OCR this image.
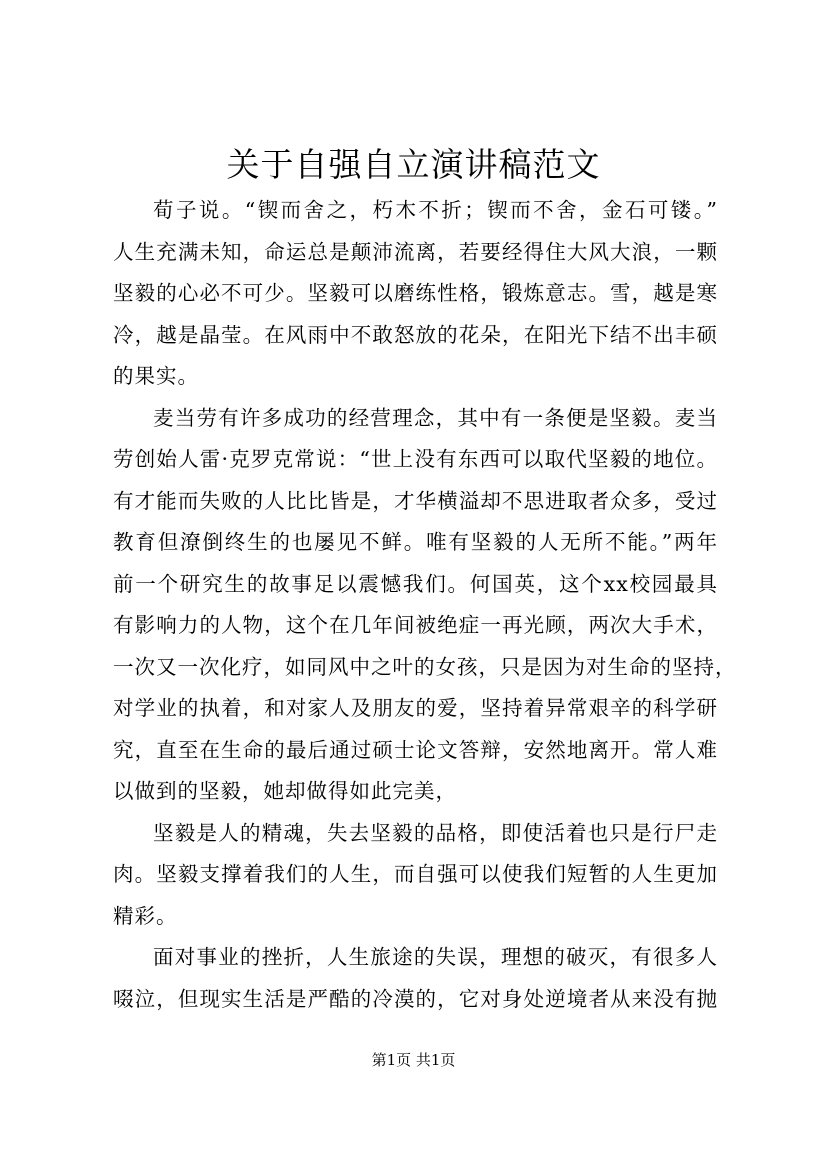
关于自强自立演讲稿范文

荀子说。“锲而舍之，朽木不折；锲而不舍，金石可镂。”
人生充满未知，命运总是颠沛流离，若要经得住大风大浪，一颗
坚毅的心必不可少。坚毅可以磨练性格，锻炼意志。雪，越是寒
冷，越是晶莹。在风雨中不敢怒放的花朵，在阳光下结不出丰硕
的果实。

麦当劳有许多成功的经营理念，其中有一条便是坚毅。麦当
劳创始人雷·克罗克常说：“世上没有东西可以取代坚毅的地位。
有才能而失败的人比比皆是，才华横溢却不思进取者众多，受过
教育但潦倒终生的也屡见不鲜。唯有坚毅的人无所不能。”两年
前一个研究生的故事足以震憾我们。何国英，这个xx校园最具
有影响力的人物，这个在几年间被绝症一再光顾，两次大手术，
一次又一次化疗，如同风中之叶的女孩，只是因为对生命的坚持，
对学业的执着，和对家人及朋友的爱，坚持着异常艰辛的科学研
究，直至在生命的最后通过硕士论文答辩，安然地离开。常人难
以做到的坚毅，她却做得如此完美，

坚毅是人的精魂，失去坚毅的品格，即使活着也只是行尸走
肉。坚毅支撑着我们的人生，而自强可以使我们短暂的人生更加
精彩。

面对事业的挫折，人生旅途的失误，理想的破灭，有很多人
啜泣，但现实生活是严酷的冷漠的，它对身处逆境者从来没有抛

第1页 共1页
